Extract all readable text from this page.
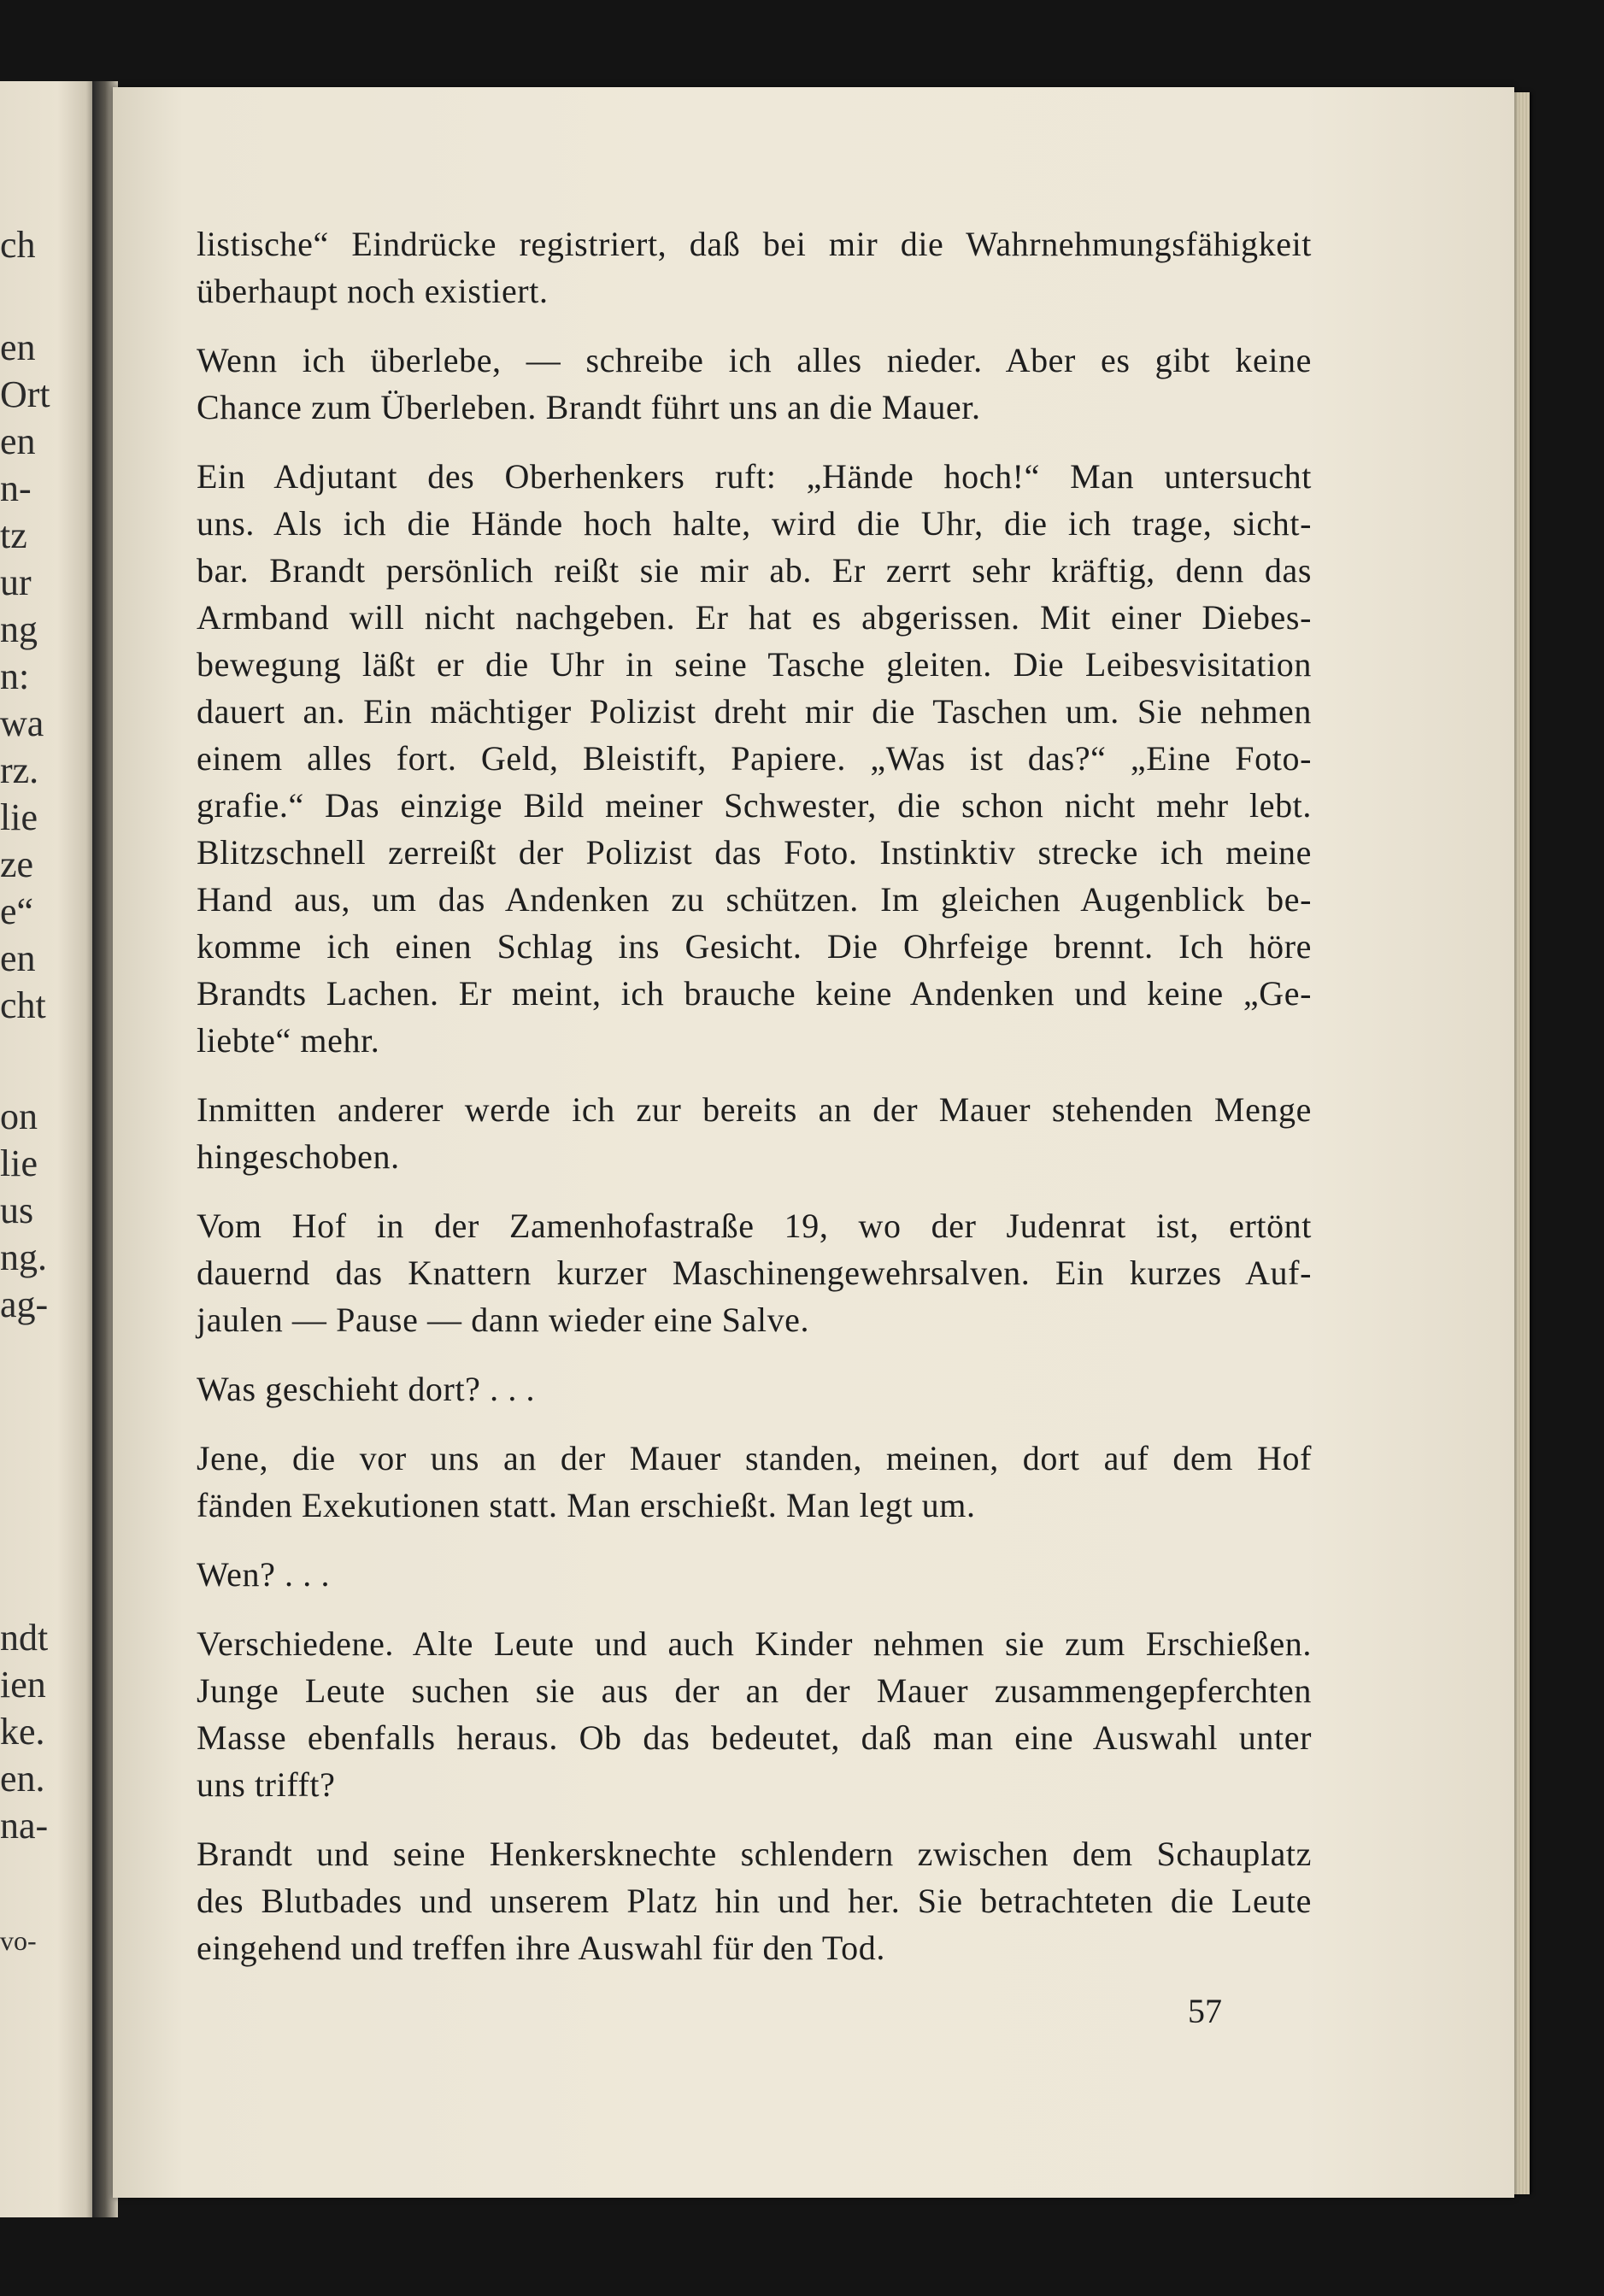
ch
en
Ort
en
n-
tz
ur
ng
n:
wa
rz.
lie
ze
e“
en
cht
on
lie
us
ng.
ag-
ndt
ien
ke.
en.
na-
vo-

listische“ Eindrücke registriert, daß bei mir die Wahrnehmungsfähigkeit
überhaupt noch existiert.

Wenn ich überlebe, — schreibe ich alles nieder. Aber es gibt keine
Chance zum Überleben. Brandt führt uns an die Mauer.

Ein Adjutant des Oberhenkers ruft: „Hände hoch!“ Man untersucht
uns. Als ich die Hände hoch halte, wird die Uhr, die ich trage, sicht-
bar. Brandt persönlich reißt sie mir ab. Er zerrt sehr kräftig, denn das
Armband will nicht nachgeben. Er hat es abgerissen. Mit einer Diebes-
bewegung läßt er die Uhr in seine Tasche gleiten. Die Leibesvisitation
dauert an. Ein mächtiger Polizist dreht mir die Taschen um. Sie nehmen
einem alles fort. Geld, Bleistift, Papiere. „Was ist das?“ „Eine Foto-
grafie.“ Das einzige Bild meiner Schwester, die schon nicht mehr lebt.
Blitzschnell zerreißt der Polizist das Foto. Instinktiv strecke ich meine
Hand aus, um das Andenken zu schützen. Im gleichen Augenblick be-
komme ich einen Schlag ins Gesicht. Die Ohrfeige brennt. Ich höre
Brandts Lachen. Er meint, ich brauche keine Andenken und keine „Ge-
liebte“ mehr.

Inmitten anderer werde ich zur bereits an der Mauer stehenden Menge
hingeschoben.

Vom Hof in der Zamenhofastraße 19, wo der Judenrat ist, ertönt
dauernd das Knattern kurzer Maschinengewehrsalven. Ein kurzes Auf-
jaulen — Pause — dann wieder eine Salve.

Was geschieht dort? . . .

Jene, die vor uns an der Mauer standen, meinen, dort auf dem Hof
fänden Exekutionen statt. Man erschießt. Man legt um.

Wen? . . .

Verschiedene. Alte Leute und auch Kinder nehmen sie zum Erschießen.
Junge Leute suchen sie aus der an der Mauer zusammengepferchten
Masse ebenfalls heraus. Ob das bedeutet, daß man eine Auswahl unter
uns trifft?

Brandt und seine Henkersknechte schlendern zwischen dem Schauplatz
des Blutbades und unserem Platz hin und her. Sie betrachteten die Leute
eingehend und treffen ihre Auswahl für den Tod.

57
